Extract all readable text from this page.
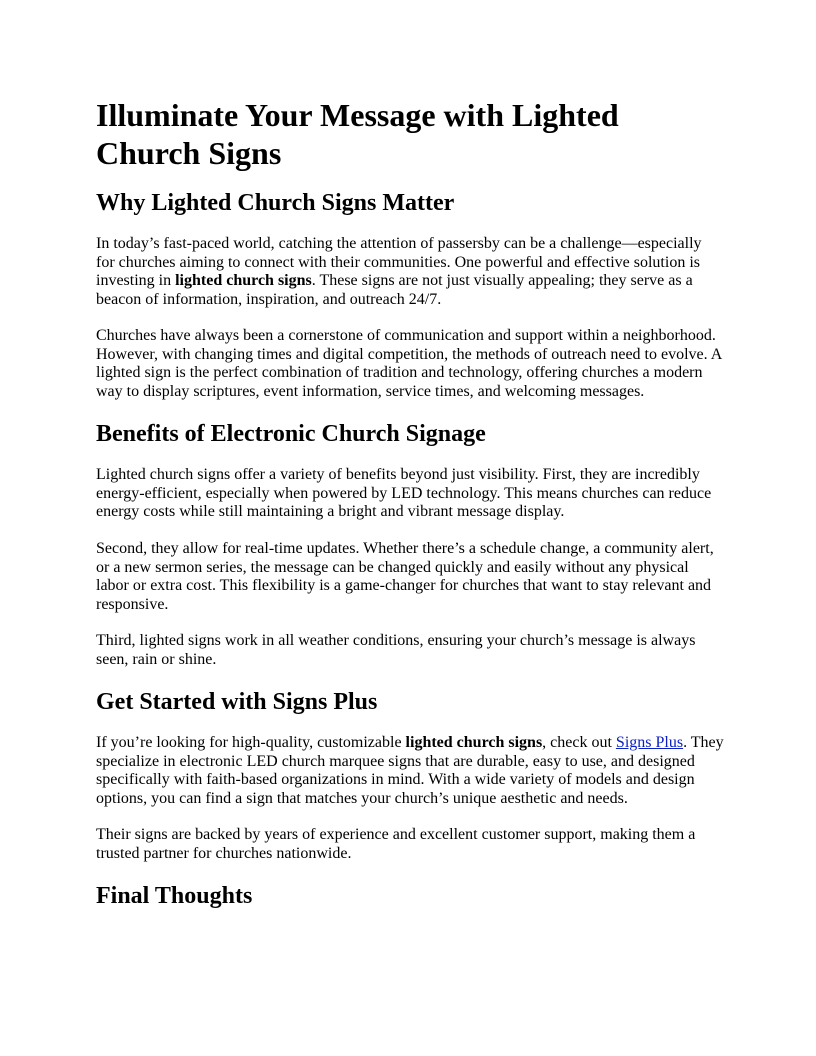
Illuminate Your Message with Lighted Church Signs
Why Lighted Church Signs Matter

In today’s fast-paced world, catching the attention of passersby can be a challenge—especially for churches aiming to connect with their communities. One powerful and effective solution is investing in lighted church signs. These signs are not just visually appealing; they serve as a beacon of information, inspiration, and outreach 24/7.

Churches have always been a cornerstone of communication and support within a neighborhood. However, with changing times and digital competition, the methods of outreach need to evolve. A lighted sign is the perfect combination of tradition and technology, offering churches a modern way to display scriptures, event information, service times, and welcoming messages.

Benefits of Electronic Church Signage

Lighted church signs offer a variety of benefits beyond just visibility. First, they are incredibly energy-efficient, especially when powered by LED technology. This means churches can reduce energy costs while still maintaining a bright and vibrant message display.

Second, they allow for real-time updates. Whether there’s a schedule change, a community alert, or a new sermon series, the message can be changed quickly and easily without any physical labor or extra cost. This flexibility is a game-changer for churches that want to stay relevant and responsive.

Third, lighted signs work in all weather conditions, ensuring your church’s message is always seen, rain or shine.

Get Started with Signs Plus

If you’re looking for high-quality, customizable lighted church signs, check out Signs Plus. They specialize in electronic LED church marquee signs that are durable, easy to use, and designed specifically with faith-based organizations in mind. With a wide variety of models and design options, you can find a sign that matches your church’s unique aesthetic and needs.

Their signs are backed by years of experience and excellent customer support, making them a trusted partner for churches nationwide.

Final Thoughts
